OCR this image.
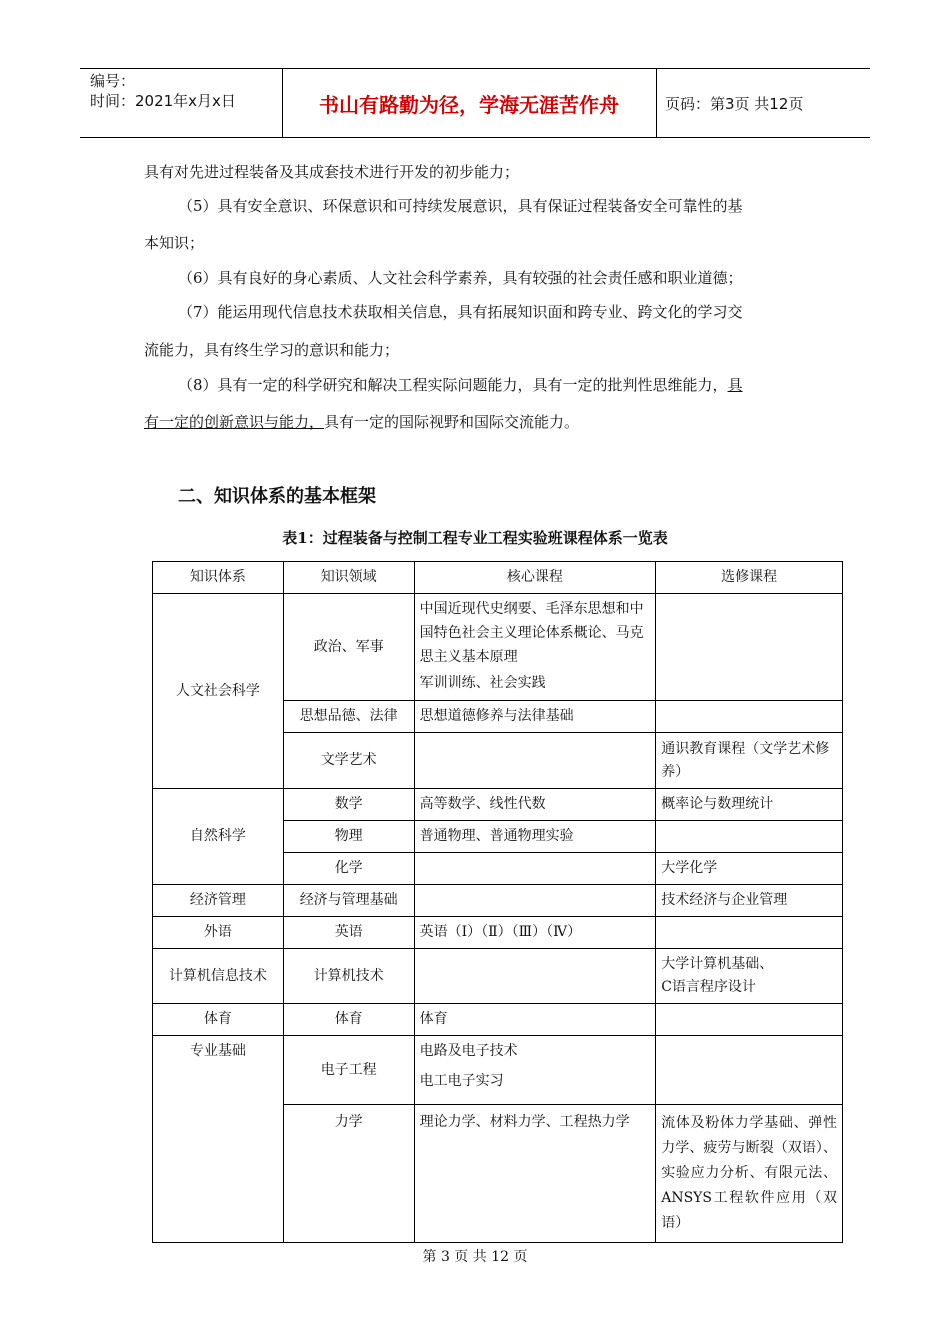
编号：
时间：2021年x月x日	书山有路勤为径，学海无涯苦作舟	页码：第3页 共12页
具有对先进过程装备及其成套技术进行开发的初步能力；
（5）具有安全意识、环保意识和可持续发展意识，具有保证过程装备安全可靠性的基
本知识；
（6）具有良好的身心素质、人文社会科学素养，具有较强的社会责任感和职业道德；
（7）能运用现代信息技术获取相关信息，具有拓展知识面和跨专业、跨文化的学习交
流能力，具有终生学习的意识和能力；
（8）具有一定的科学研究和解决工程实际问题能力，具有一定的批判性思维能力，具
有一定的创新意识与能力，具有一定的国际视野和国际交流能力。
二、知识体系的基本框架
表1：过程装备与控制工程专业工程实验班课程体系一览表
知识体系	知识领域	核心课程	选修课程
人文社会科学	政治、军事	中国近现代史纲要、毛泽东思想和中
国特色社会主义理论体系概论、马克
思主义基本原理
军训训练、社会实践	

	思想品德、法律	思想道德修养与法律基础	
	文学艺术		通识教育课程（文学艺术修养）
自然科学	数学	高等数学、线性代数	概率论与数理统计
	物理	普通物理、普通物理实验	
	化学		大学化学
经济管理	经济与管理基础		技术经济与企业管理
外语	英语	英语（Ⅰ）（Ⅱ）（Ⅲ）（Ⅳ）	
计算机信息技术	计算机技术		大学计算机基础、
C语言程序设计

体育	体育	体育	
专业基础	电子工程	电路及电子技术
电工电子实习	

	力学	理论力学、材料力学、工程热力学	流体及粉体力学基础、弹性力学、疲劳与断裂（双语）、实验应力分析、有限元法、ANSYS工程软件应用（双语）
第 3 页 共 12 页
